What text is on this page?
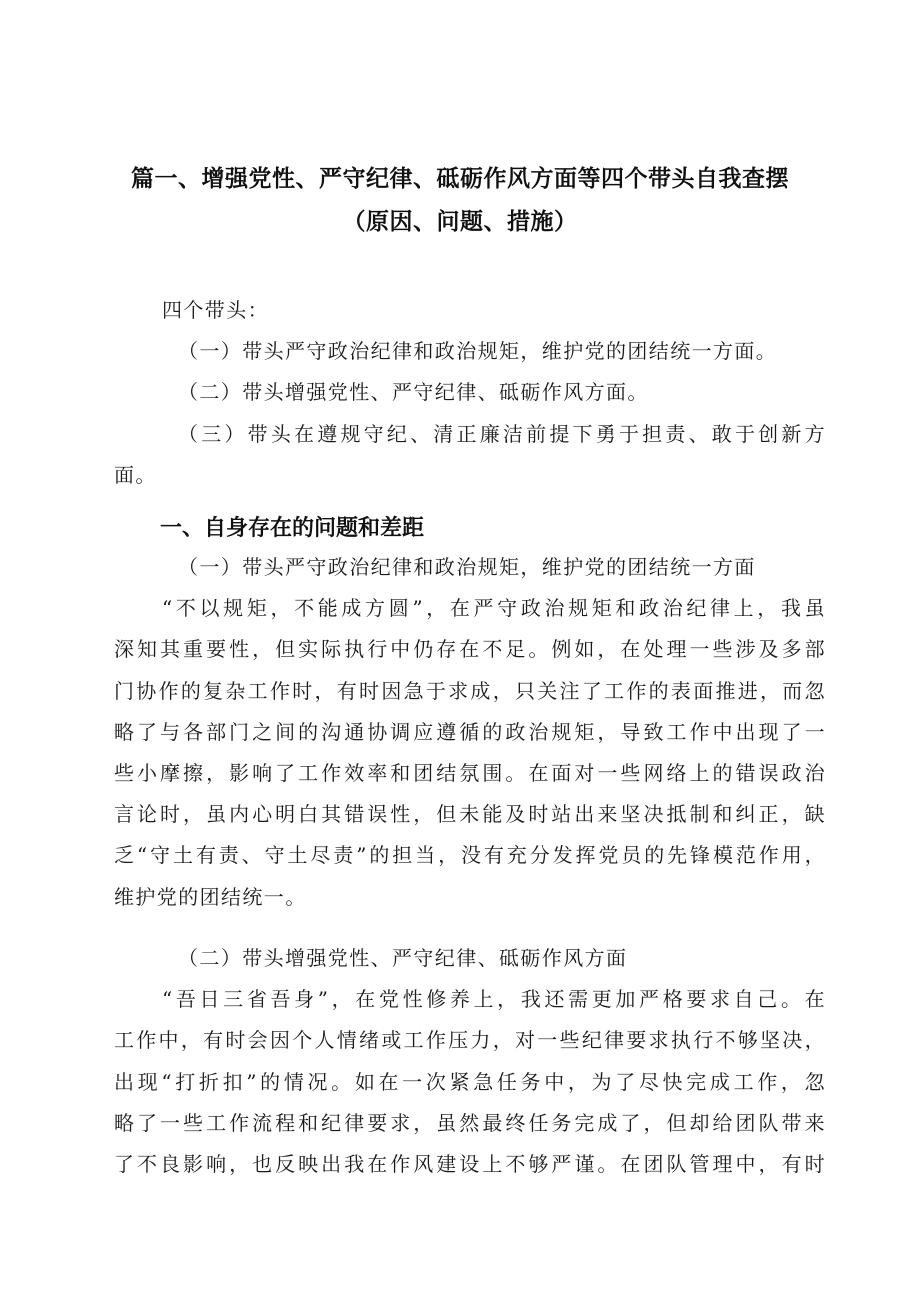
篇一、增强党性、严守纪律、砥砺作风方面等四个带头自我查摆
（原因、问题、措施）
四个带头：
（一）带头严守政治纪律和政治规矩，维护党的团结统一方面。
（二）带头增强党性、严守纪律、砥砺作风方面。
（三）带头在遵规守纪、清正廉洁前提下勇于担责、敢于创新方
面。
一、自身存在的问题和差距
（一）带头严守政治纪律和政治规矩，维护党的团结统一方面
“不以规矩，不能成方圆”，在严守政治规矩和政治纪律上，我虽
深知其重要性，但实际执行中仍存在不足。例如，在处理一些涉及多部
门协作的复杂工作时，有时因急于求成，只关注了工作的表面推进，而忽
略了与各部门之间的沟通协调应遵循的政治规矩，导致工作中出现了一
些小摩擦，影响了工作效率和团结氛围。在面对一些网络上的错误政治
言论时，虽内心明白其错误性，但未能及时站出来坚决抵制和纠正，缺
乏“守土有责、守土尽责”的担当，没有充分发挥党员的先锋模范作用，
维护党的团结统一。
（二）带头增强党性、严守纪律、砥砺作风方面
“吾日三省吾身”，在党性修养上，我还需更加严格要求自己。在
工作中，有时会因个人情绪或工作压力，对一些纪律要求执行不够坚决，
出现“打折扣”的情况。如在一次紧急任务中，为了尽快完成工作，忽
略了一些工作流程和纪律要求，虽然最终任务完成了，但却给团队带来
了不良影响，也反映出我在作风建设上不够严谨。在团队管理中，有时
